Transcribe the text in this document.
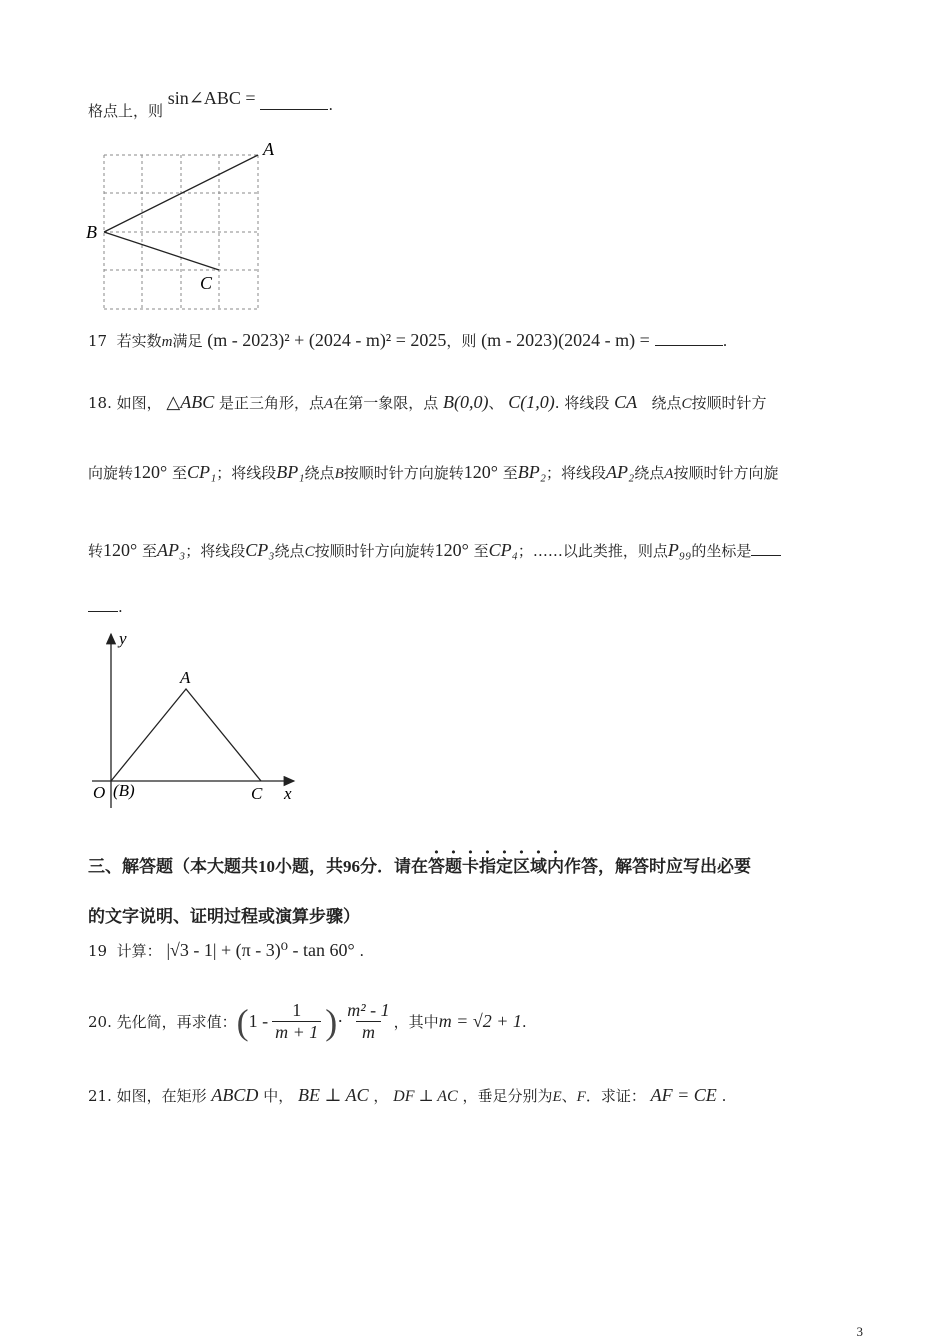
格点上，则 sin∠ABC =	.
A
B
C
17 若实数m满足 (m - 2023)² + (2024 - m)² = 2025，则 (m - 2023)(2024 - m) =	.
18. 如图， △ABC 是正三角形，点A在第一象限，点 B(0,0)、 C(1,0). 将线段 CA 绕点C按顺时针方
向旋转120° 至CP₁；将线段BP₁绕点B按顺时针方向旋转120° 至BP₂；将线段AP₂绕点A按顺时针方向旋
转120° 至AP₃；将线段CP₃绕点C按顺时针方向旋转120° 至CP₄；……以此类推，则点P₉₉的坐标是
.
y
A
O (B)	C x
三、解答题（本大题共10小题，共96分．请在答题卡指定区域内作答，解答时应写出必要
的文字说明、证明过程或演算步骤）
19 计算： |√3 - 1| + (π - 3)⁰ - tan 60° .
20. 先化简，再求值： ( 1 -
1
m + 1 ) ·
m² - 1
m	，其中 m = √2 + 1 .
21. 如图，在矩形 ABCD 中， BE ⊥ AC ， DF ⊥ AC ，垂足分别为E、F．求证： AF = CE .
3
